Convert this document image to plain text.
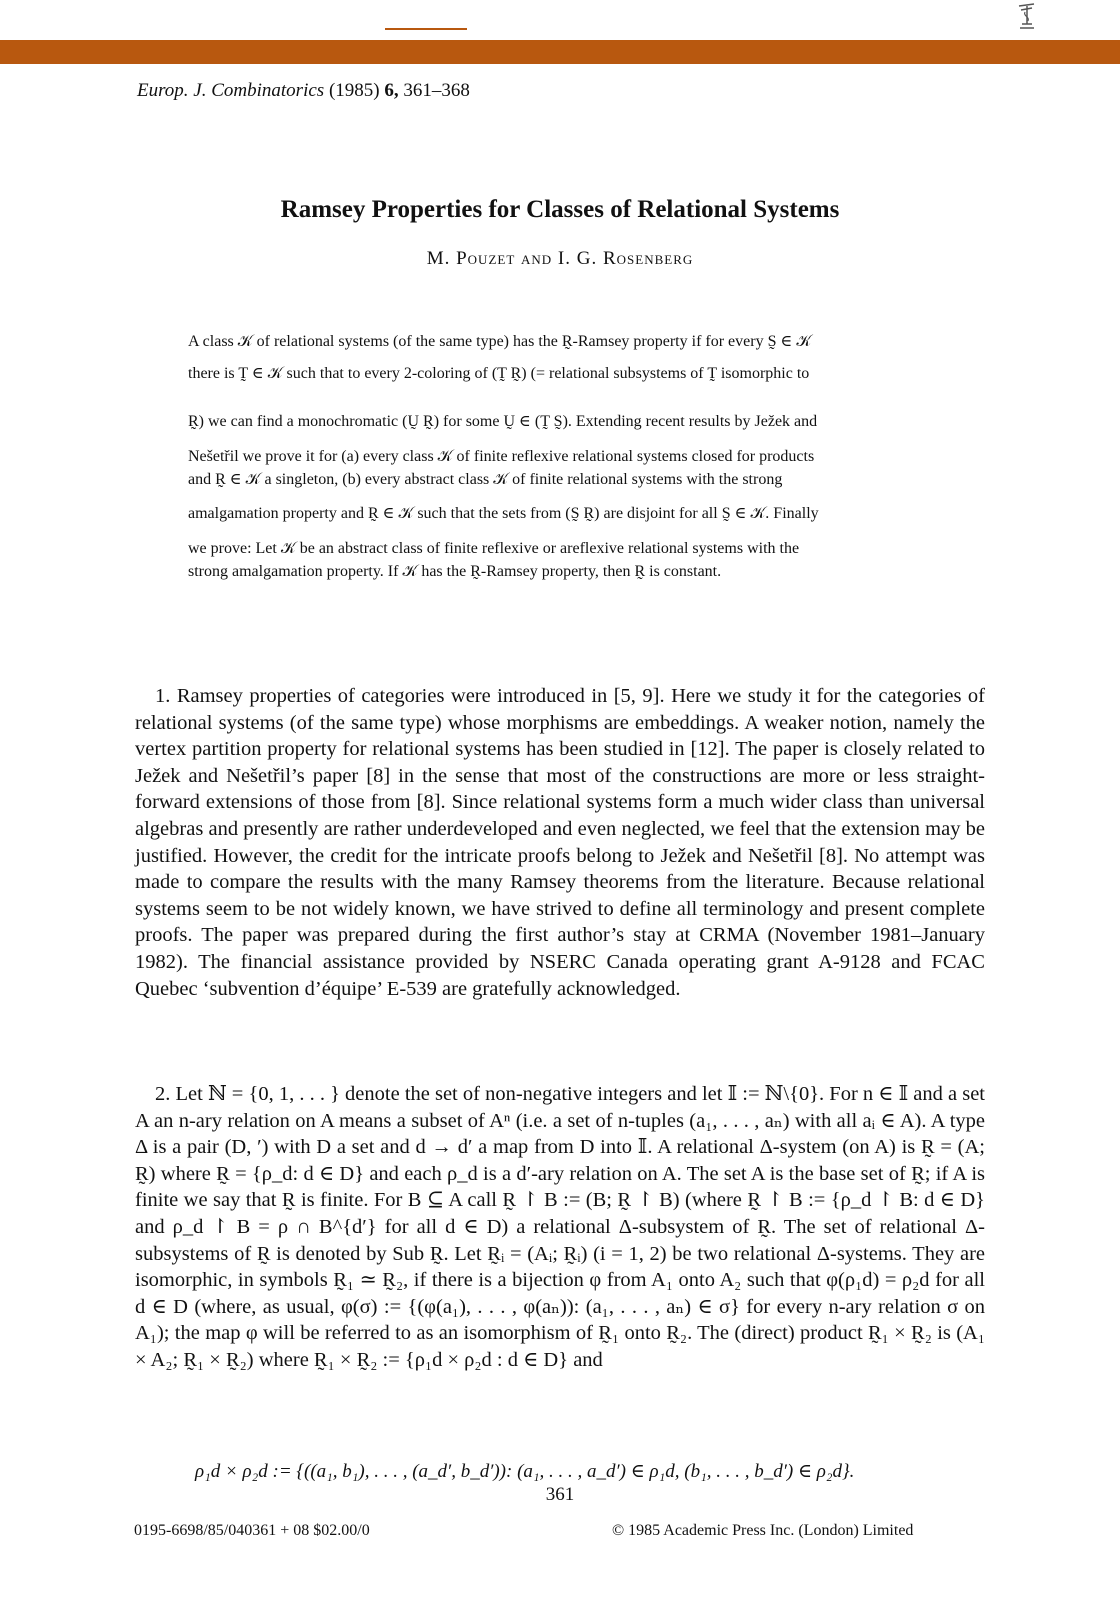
Europ. J. Combinatorics (1985) 6, 361–368
Ramsey Properties for Classes of Relational Systems
M. Pouzet and I. G. Rosenberg
A class 𝒦 of relational systems (of the same type) has the R̰-Ramsey property if for every S̰ ∈ 𝒦
there is T̰ ∈ 𝒦 such that to every 2-coloring of (T̰ R̰) (= relational subsystems of T̰ isomorphic to
R̰) we can find a monochromatic (Ṵ R̰) for some Ṵ ∈ (T̰ S̰). Extending recent results by Ježek and
Nešetřil we prove it for (a) every class 𝒦 of finite reflexive relational systems closed for products
and R̰ ∈ 𝒦 a singleton, (b) every abstract class 𝒦 of finite relational systems with the strong
amalgamation property and R̰ ∈ 𝒦 such that the sets from (S̰ R̰) are disjoint for all S̰ ∈ 𝒦. Finally
we prove: Let 𝒦 be an abstract class of finite reflexive or areflexive relational systems with the
strong amalgamation property. If 𝒦 has the R̰-Ramsey property, then R̰ is constant.

1. Ramsey properties of categories were introduced in [5, 9]. Here we study it for the categories of relational systems (of the same type) whose morphisms are embeddings. A weaker notion, namely the vertex partition property for relational systems has been studied in [12]. The paper is closely related to Ježek and Nešetřil’s paper [8] in the sense that most of the constructions are more or less straight-forward extensions of those from [8]. Since relational systems form a much wider class than universal algebras and presently are rather underdeveloped and even neglected, we feel that the extension may be justified. However, the credit for the intricate proofs belong to Ježek and Nešetřil [8]. No attempt was made to compare the results with the many Ramsey theorems from the literature. Because relational systems seem to be not widely known, we have strived to define all terminology and present complete proofs. The paper was prepared during the first author’s stay at CRMA (November 1981–January 1982). The financial assistance provided by NSERC Canada operating grant A-9128 and FCAC Quebec ‘subvention d’équipe’ E-539 are gratefully acknowledged.

2. Let ℕ = {0, 1, . . . } denote the set of non-negative integers and let 𝕀 := ℕ\{0}. For n ∈ 𝕀 and a set A an n-ary relation on A means a subset of Aⁿ (i.e. a set of n-tuples (a₁, . . . , aₙ) with all aᵢ ∈ A). A type Δ is a pair (D, ′) with D a set and d → d′ a map from D into 𝕀. A relational Δ-system (on A) is R̰ = (A; R̰) where R̰ = {ρ_d: d ∈ D} and each ρ_d is a d′-ary relation on A. The set A is the base set of R̰; if A is finite we say that R̰ is finite. For B ⊆ A call R̰ ↾ B := (B; R̰ ↾ B) (where R̰ ↾ B := {ρ_d ↾ B: d ∈ D} and ρ_d ↾ B = ρ ∩ B^{d′} for all d ∈ D) a relational Δ-subsystem of R̰. The set of relational Δ-subsystems of R̰ is denoted by Sub R̰. Let R̰ᵢ = (Aᵢ; R̰ᵢ) (i = 1, 2) be two relational Δ-systems. They are isomorphic, in symbols R̰₁ ≃ R̰₂, if there is a bijection φ from A₁ onto A₂ such that φ(ρ₁d) = ρ₂d for all d ∈ D (where, as usual, φ(σ) := {(φ(a₁), . . . , φ(aₙ)): (a₁, . . . , aₙ) ∈ σ} for every n-ary relation σ on A₁); the map φ will be referred to as an isomorphism of R̰₁ onto R̰₂. The (direct) product R̰₁ × R̰₂ is (A₁ × A₂; R̰₁ × R̰₂) where R̰₁ × R̰₂ := {ρ₁d × ρ₂d : d ∈ D} and

ρ₁d × ρ₂d := {((a₁, b₁), . . . , (a_d′, b_d′)): (a₁, . . . , a_d′) ∈ ρ₁d, (b₁, . . . , b_d′) ∈ ρ₂d}.
361
0195-6698/85/040361 + 08 $02.00/0	© 1985 Academic Press Inc. (London) Limited
